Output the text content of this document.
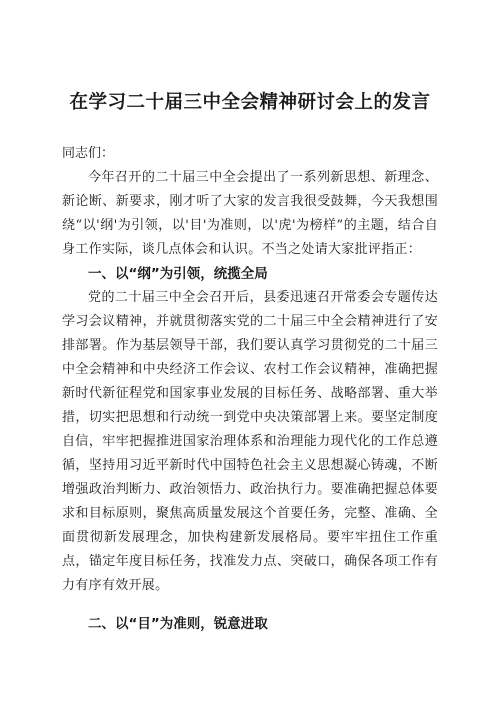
在学习二十届三中全会精神研讨会上的发言

同志们：

今年召开的二十届三中全会提出了一系列新思想、新理念、新论断、新要求，刚才听了大家的发言我很受鼓舞，今天我想围绕“以'纲'为引领，以'目'为准则，以'虎'为榜样”的主题，结合自身工作实际，谈几点体会和认识。不当之处请大家批评指正：

一、以“纲”为引领，统揽全局

党的二十届三中全会召开后，县委迅速召开常委会专题传达学习会议精神，并就贯彻落实党的二十届三中全会精神进行了安排部署。作为基层领导干部，我们要认真学习贯彻党的二十届三中全会精神和中央经济工作会议、农村工作会议精神，准确把握新时代新征程党和国家事业发展的目标任务、战略部署、重大举措，切实把思想和行动统一到党中央决策部署上来。要坚定制度自信，牢牢把握推进国家治理体系和治理能力现代化的工作总遵循，坚持用习近平新时代中国特色社会主义思想凝心铸魂，不断增强政治判断力、政治领悟力、政治执行力。要准确把握总体要求和目标原则，聚焦高质量发展这个首要任务，完整、准确、全面贯彻新发展理念，加快构建新发展格局。要牢牢扭住工作重点，锚定年度目标任务，找准发力点、突破口，确保各项工作有力有序有效开展。

二、以“目”为准则，锐意进取
